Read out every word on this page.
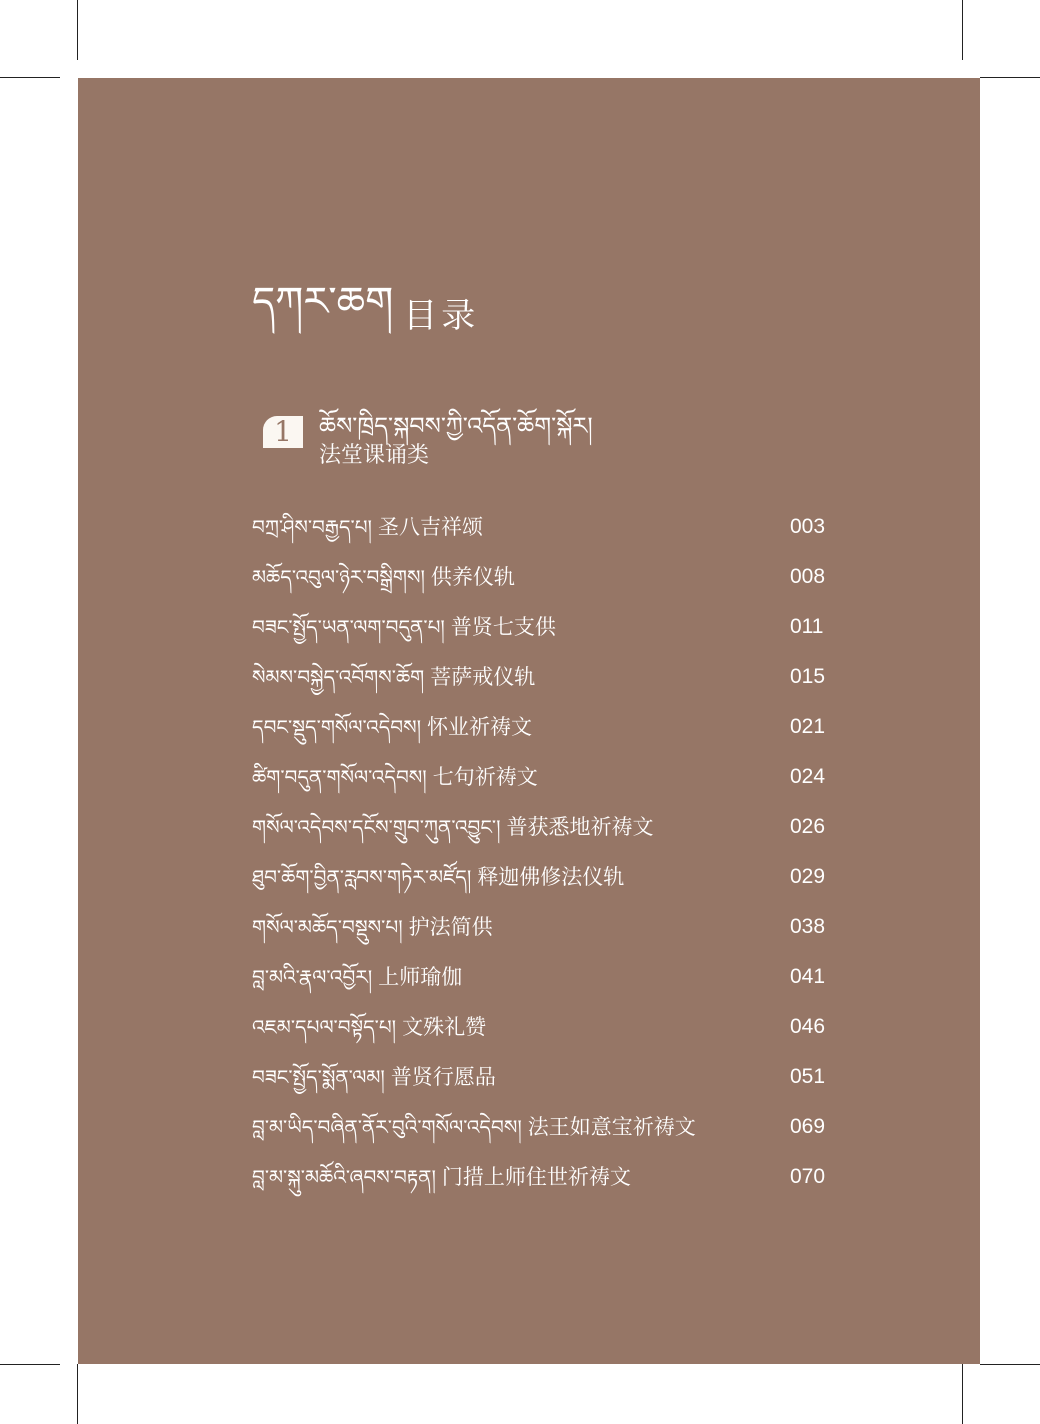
དཀར་ཆག 目录
1	ཆོས་ཁྲིད་སྐབས་ཀྱི་འདོན་ཆོག་སྐོར།
法堂课诵类
བཀྲ་ཤིས་བརྒྱད་པ། 圣八吉祥颂	003
མཆོད་འབུལ་ཉེར་བསྒྲིགས། 供养仪轨	008
བཟང་སྤྱོད་ཡན་ལག་བདུན་པ། 普贤七支供	011
སེམས་བསྐྱེད་འབོགས་ཆོག 菩萨戒仪轨	015
དབང་སྡུད་གསོལ་འདེབས། 怀业祈祷文	021
ཚིག་བདུན་གསོལ་འདེབས། 七句祈祷文	024
གསོལ་འདེབས་དངོས་གྲུབ་ཀུན་འབྱུང་། 普获悉地祈祷文	026
ཐུབ་ཆོག་བྱིན་རླབས་གཏེར་མཛོད། 释迦佛修法仪轨	029
གསོལ་མཆོད་བསྡུས་པ། 护法简供	038
བླ་མའི་རྣལ་འབྱོར། 上师瑜伽	041
འཇམ་དཔལ་བསྟོད་པ། 文殊礼赞	046
བཟང་སྤྱོད་སྨོན་ལམ། 普贤行愿品	051
བླ་མ་ཡིད་བཞིན་ནོར་བུའི་གསོལ་འདེབས། 法王如意宝祈祷文	069
བླ་མ་སྐུ་མཆོའི་ཞབས་བརྟན། 门措上师住世祈祷文	070
